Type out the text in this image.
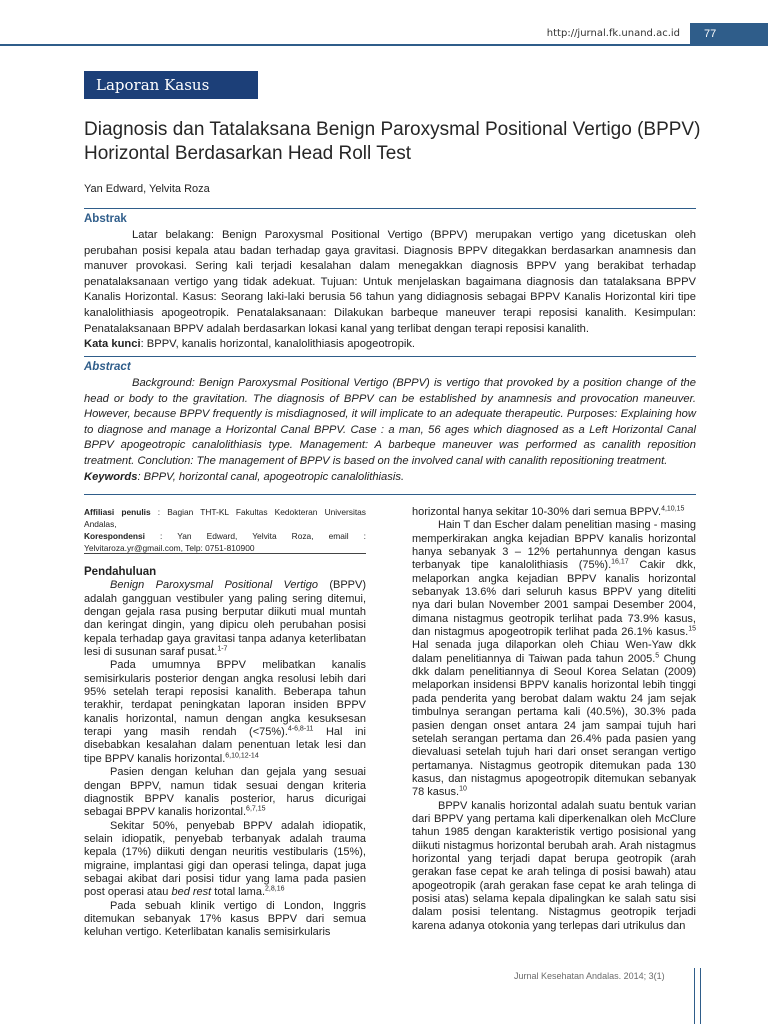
http://jurnal.fk.unand.ac.id	77
Laporan Kasus
Diagnosis dan Tatalaksana Benign Paroxysmal Positional Vertigo (BPPV) Horizontal Berdasarkan Head Roll Test
Yan Edward, Yelvita Roza
Abstrak

Latar belakang: Benign Paroxysmal Positional Vertigo (BPPV) merupakan vertigo yang dicetuskan oleh perubahan posisi kepala atau badan terhadap gaya gravitasi. Diagnosis BPPV ditegakkan berdasarkan anamnesis dan manuver provokasi. Sering kali terjadi kesalahan dalam menegakkan diagnosis BPPV yang berakibat terhadap penatalaksanaan vertigo yang tidak adekuat. Tujuan: Untuk menjelaskan bagaimana diagnosis dan tatalaksana BPPV Kanalis Horizontal. Kasus: Seorang laki-laki berusia 56 tahun yang didiagnosis sebagai BPPV Kanalis Horizontal kiri tipe kanalolithiasis apogeotropik. Penatalaksanaan: Dilakukan barbeque maneuver terapi reposisi kanalith. Kesimpulan: Penatalaksanaan BPPV adalah berdasarkan lokasi kanal yang terlibat dengan terapi reposisi kanalith.

Kata kunci: BPPV, kanalis horizontal, kanalolithiasis apogeotropik.

Abstract

Background: Benign Paroxysmal Positional Vertigo (BPPV) is vertigo that provoked by a position change of the head or body to the gravitation. The diagnosis of BPPV can be established by anamnesis and provocation maneuver. However, because BPPV frequently is misdiagnosed, it will implicate to an adequate therapeutic. Purposes: Explaining how to diagnose and manage a Horizontal Canal BPPV. Case : a man, 56 ages which diagnosed as a Left Horizontal Canal BPPV apogeotropic canalolithiasis type. Management: A barbeque maneuver was performed as canalith reposition treatment. Conclution: The management of BPPV is based on the involved canal with canalith repositioning treatment.

Keywords: BPPV, horizontal canal, apogeotropic canalolithiasis.

Affiliasi penulis : Bagian THT-KL Fakultas Kedokteran Universitas Andalas,

Korespondensi : Yan Edward, Yelvita Roza, email : Yelvitaroza.yr@gmail.com, Telp: 0751-810900

Pendahuluan

Benign Paroxysmal Positional Vertigo (BPPV) adalah gangguan vestibuler yang paling sering ditemui, dengan gejala rasa pusing berputar diikuti mual muntah dan keringat dingin, yang dipicu oleh perubahan posisi kepala terhadap gaya gravitasi tanpa adanya keterlibatan lesi di susunan saraf pusat.$^{1-7}$

Pada umumnya BPPV melibatkan kanalis semisirkularis posterior dengan angka resolusi lebih dari 95% setelah terapi reposisi kanalith. Beberapa tahun terakhir, terdapat peningkatan laporan insiden BPPV kanalis horizontal, namun dengan angka kesuksesan terapi yang masih rendah (<75%).$^{4-6,8-11}$ Hal ini disebabkan kesalahan dalam penentuan letak lesi dan tipe BPPV kanalis horizontal.$^{6,10,12-14}$

Pasien dengan keluhan dan gejala yang sesuai dengan BPPV, namun tidak sesuai dengan kriteria diagnostik BPPV kanalis posterior, harus dicurigai sebagai BPPV kanalis horizontal.$^{6,7,15}$

Sekitar 50%, penyebab BPPV adalah idiopatik, selain idiopatik, penyebab terbanyak adalah trauma kepala (17%) diikuti dengan neuritis vestibularis (15%), migraine, implantasi gigi dan operasi telinga, dapat juga sebagai akibat dari posisi tidur yang lama pada pasien post operasi atau bed rest total lama.$^{2,8,16}$

Pada sebuah klinik vertigo di London, Inggris ditemukan sebanyak 17% kasus BPPV dari semua keluhan vertigo. Keterlibatan kanalis semisirkularis

horizontal hanya sekitar 10-30% dari semua BPPV.$^{4,10,15}$

Hain T dan Escher dalam penelitian masing - masing memperkirakan angka kejadian BPPV kanalis horizontal hanya sebanyak 3 – 12% pertahunnya dengan kasus terbanyak tipe kanalolithiasis (75%).$^{16,17}$ Cakir dkk, melaporkan angka kejadian BPPV kanalis horizontal sebanyak 13.6% dari seluruh kasus BPPV yang diteliti nya dari bulan November 2001 sampai Desember 2004, dimana nistagmus geotropik terlihat pada 73.9% kasus, dan nistagmus apogeotropik terlihat pada 26.1% kasus.$^{15}$ Hal senada juga dilaporkan oleh Chiau Wen-Yaw dkk dalam penelitiannya di Taiwan pada tahun 2005.$^5$ Chung dkk dalam penelitiannya di Seoul Korea Selatan (2009) melaporkan insidensi BPPV kanalis horizontal lebih tinggi pada penderita yang berobat dalam waktu 24 jam sejak timbulnya serangan pertama kali (40.5%), 30.3% pada pasien dengan onset antara 24 jam sampai tujuh hari setelah serangan pertama dan 26.4% pada pasien yang dievaluasi setelah tujuh hari dari onset serangan vertigo pertamanya. Nistagmus geotropik ditemukan pada 130 kasus, dan nistagmus apogeotropik ditemukan sebanyak 78 kasus.$^{10}$

BPPV kanalis horizontal adalah suatu bentuk varian dari BPPV yang pertama kali diperkenalkan oleh McClure tahun 1985 dengan karakteristik vertigo posisional yang diikuti nistagmus horizontal berubah arah. Arah nistagmus horizontal yang terjadi dapat berupa geotropik (arah gerakan fase cepat ke arah telinga di posisi bawah) atau apogeotropik (arah gerakan fase cepat ke arah telinga di posisi atas) selama kepala dipalingkan ke salah satu sisi dalam posisi telentang. Nistagmus geotropik terjadi karena adanya otokonia yang terlepas dari utrikulus dan

Jurnal Kesehatan Andalas. 2014; 3(1)
